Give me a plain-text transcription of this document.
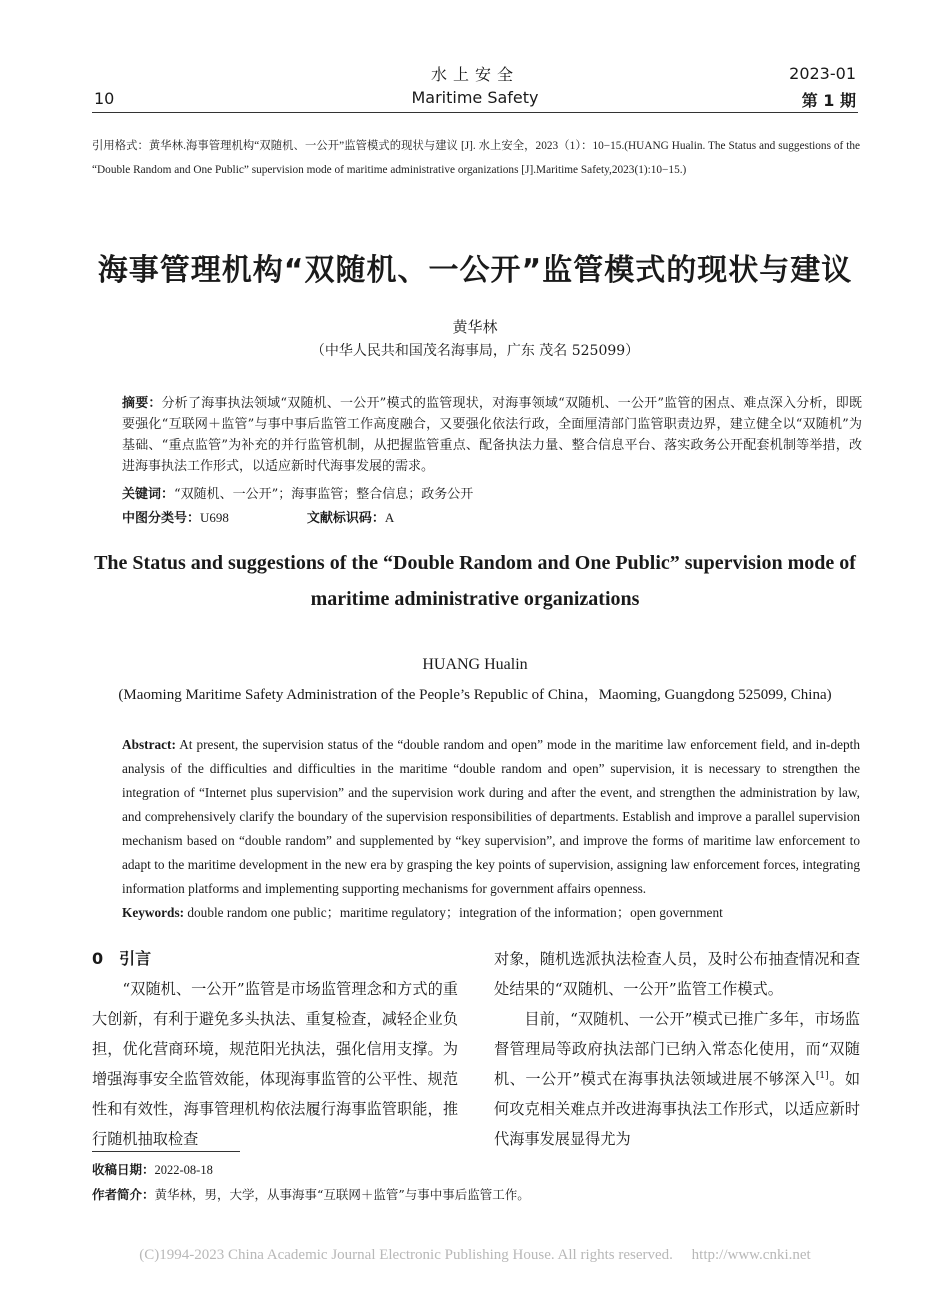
水上安全
Maritime Safety
10
2023-01
第 1 期
引用格式：黄华林.海事管理机构“双随机、一公开”监管模式的现状与建议 [J]. 水上安全，2023（1）：10−15.(HUANG Hualin. The Status and suggestions of the “Double Random and One Public” supervision mode of maritime administrative organizations [J].Maritime Safety,2023(1):10−15.)
海事管理机构“双随机、一公开”监管模式的现状与建议
黄华林
（中华人民共和国茂名海事局，广东 茂名 525099）
摘要：分析了海事执法领域“双随机、一公开”模式的监管现状，对海事领域“双随机、一公开”监管的困点、难点深入分析，即既要强化“互联网＋监管”与事中事后监管工作高度融合，又要强化依法行政，全面厘清部门监管职责边界，建立健全以“双随机”为基础、“重点监管”为补充的并行监管机制，从把握监管重点、配备执法力量、整合信息平台、落实政务公开配套机制等举措，改进海事执法工作形式，以适应新时代海事发展的需求。
关键词：“双随机、一公开”；海事监管；整合信息；政务公开
中图分类号：U698	文献标识码：A
The Status and suggestions of the “Double Random and One Public” supervision mode of maritime administrative organizations
HUANG Hualin
(Maoming Maritime Safety Administration of the People’s Republic of China，Maoming, Guangdong 525099, China)
Abstract: At present, the supervision status of the “double random and open” mode in the maritime law enforcement field, and in-depth analysis of the difficulties and difficulties in the maritime “double random and open” supervision, it is necessary to strengthen the integration of “Internet plus supervision” and the supervision work during and after the event, and strengthen the administration by law, and comprehensively clarify the boundary of the supervision responsibilities of departments. Establish and improve a parallel supervision mechanism based on “double random” and supplemented by “key supervision”, and improve the forms of maritime law enforcement to adapt to the maritime development in the new era by grasping the key points of supervision, assigning law enforcement forces, integrating information platforms and implementing supporting mechanisms for government affairs openness.
Keywords: double random one public；maritime regulatory；integration of the information；open government
0　引言
“双随机、一公开”监管是市场监管理念和方式的重大创新，有利于避免多头执法、重复检查，减轻企业负担，优化营商环境，规范阳光执法，强化信用支撑。为增强海事安全监管效能，体现海事监管的公平性、规范性和有效性，海事管理机构依法履行海事监管职能，推行随机抽取检查
对象，随机选派执法检查人员，及时公布抽查情况和查处结果的“双随机、一公开”监管工作模式。
目前，“双随机、一公开”模式已推广多年，市场监督管理局等政府执法部门已纳入常态化使用，而“双随机、一公开”模式在海事执法领域进展不够深入[1]。如何攻克相关难点并改进海事执法工作形式，以适应新时代海事发展显得尤为
收稿日期：2022-08-18
作者简介：黄华林，男，大学，从事海事“互联网＋监管”与事中事后监管工作。
(C)1994-2023 China Academic Journal Electronic Publishing House. All rights reserved.　 http://www.cnki.net
